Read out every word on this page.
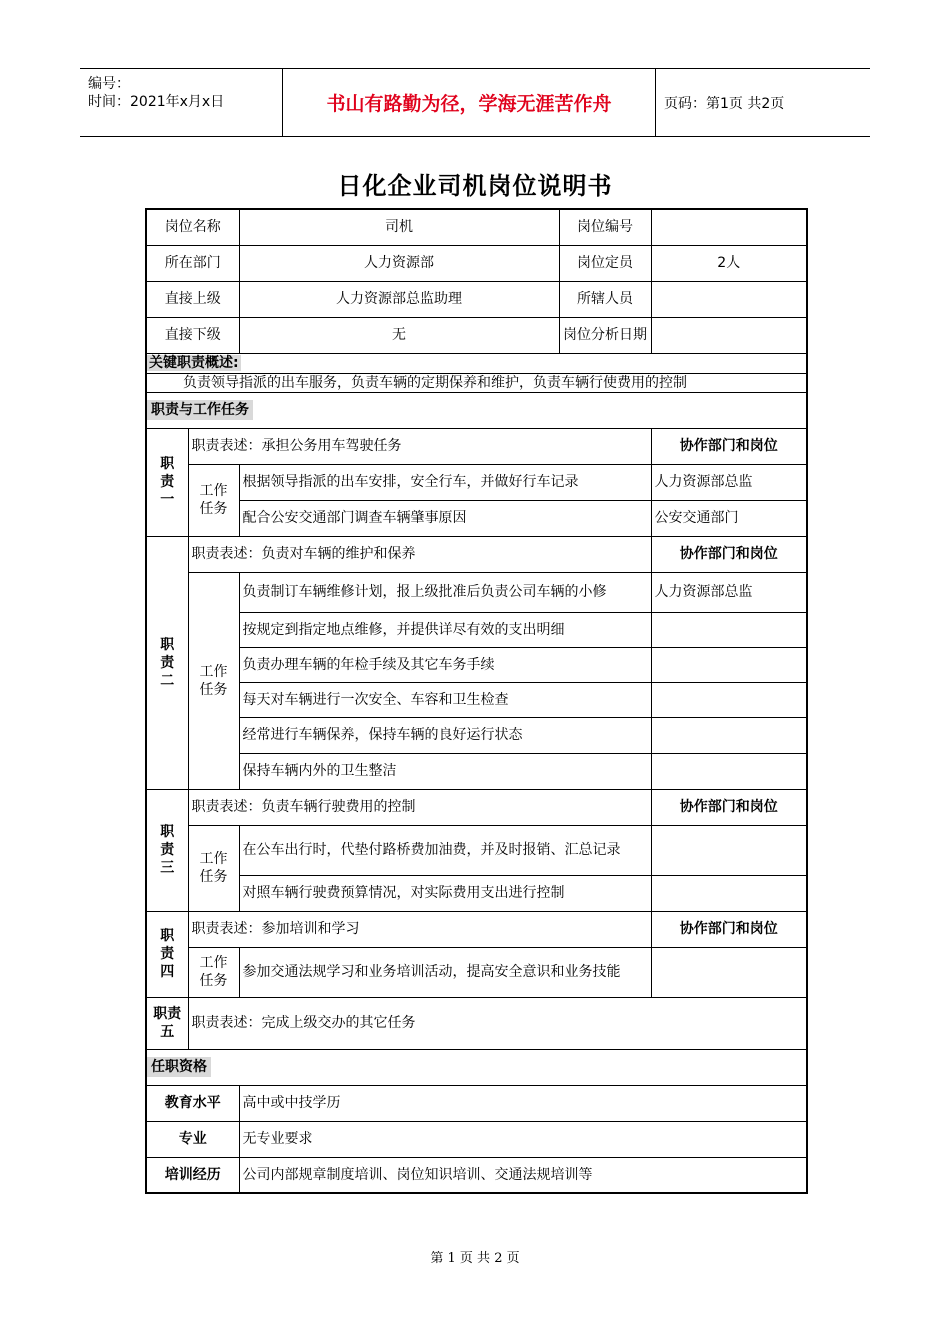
编号：
时间：2021年x月x日	书山有路勤为径，学海无涯苦作舟	页码：第1页 共2页
日化企业司机岗位说明书
岗位名称		司机	岗位编号	
所在部门		人力资源部	岗位定员	2人
直接上级		人力资源部总监助理	所辖人员	
直接下级		无	岗位分析日期	
关键职责概述:				
负责领导指派的出车服务，负责车辆的定期保养和维护，负责车辆行使费用的控制				
职责与工作任务				
职
责
一	职责表述：承担公务用车驾驶任务			协作部门和岗位
	工作
任务	根据领导指派的出车安排，安全行车，并做好行车记录		人力资源部总监
		配合公安交通部门调查车辆肇事原因		公安交通部门
职
责
二	职责表述：负责对车辆的维护和保养			协作部门和岗位
	工作
任务	负责制订车辆维修计划，报上级批准后负责公司车辆的小修		人力资源部总监
		按规定到指定地点维修，并提供详尽有效的支出明细		
		负责办理车辆的年检手续及其它车务手续		
		每天对车辆进行一次安全、车容和卫生检查		
		经常进行车辆保养，保持车辆的良好运行状态		
		保持车辆内外的卫生整洁		
职
责
三	职责表述：负责车辆行驶费用的控制			协作部门和岗位
	工作
任务	在公车出行时，代垫付路桥费加油费，并及时报销、汇总记录		
		对照车辆行驶费预算情况，对实际费用支出进行控制		
职
责
四	职责表述：参加培训和学习			协作部门和岗位
	工作
任务	参加交通法规学习和业务培训活动，提高安全意识和业务技能		
职责
五	职责表述：完成上级交办的其它任务			
任职资格				
教育水平		高中或中技学历		
专业		无专业要求		
培训经历		公司内部规章制度培训、岗位知识培训、交通法规培训等		
第 1 页 共 2 页
